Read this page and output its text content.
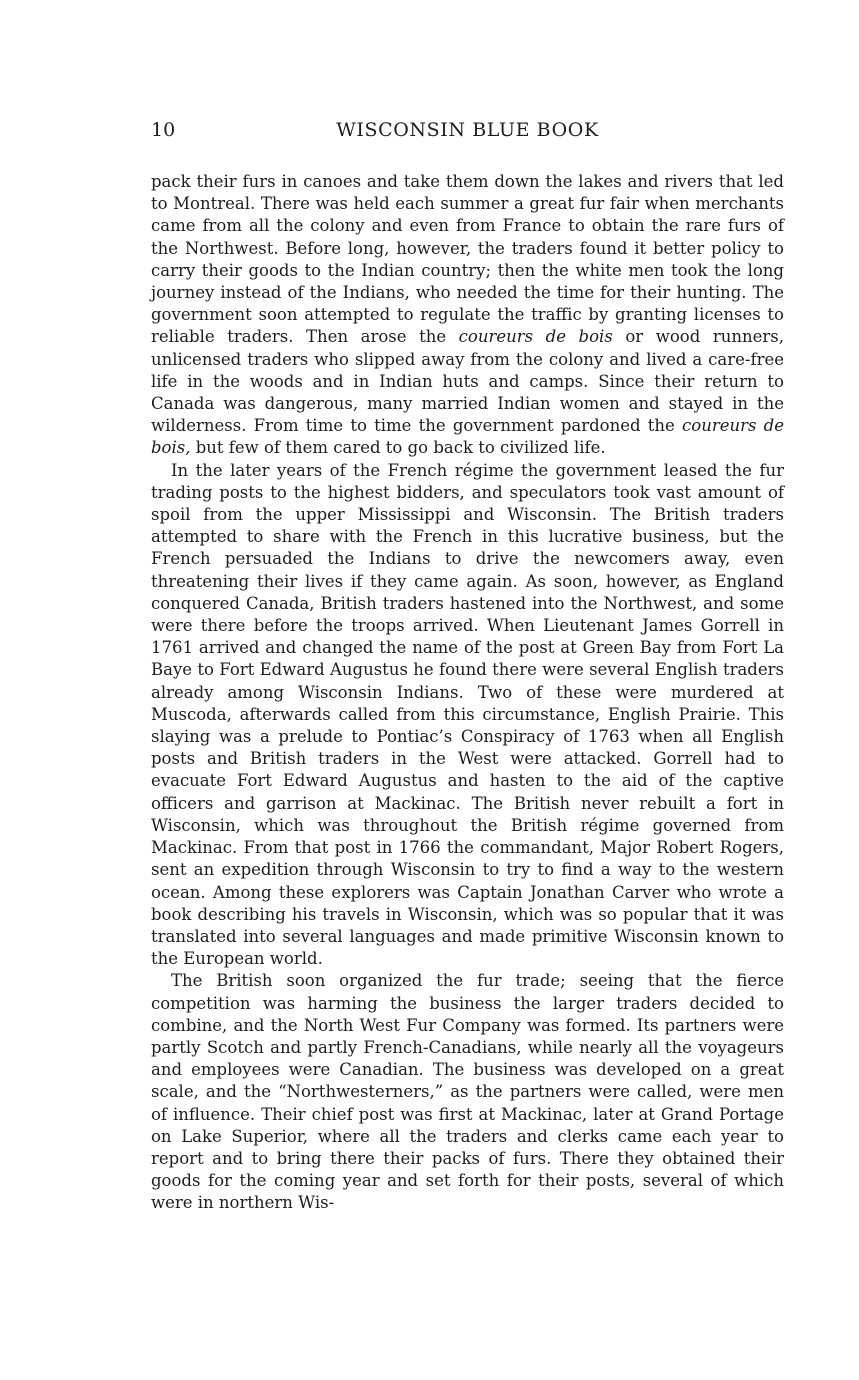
10	WISCONSIN BLUE BOOK

pack their furs in canoes and take them down the lakes and rivers that led to Montreal. There was held each summer a great fur fair when merchants came from all the colony and even from France to obtain the rare furs of the Northwest. Before long, however, the traders found it better policy to carry their goods to the Indian country; then the white men took the long journey instead of the Indians, who needed the time for their hunting. The government soon attempted to regulate the traffic by granting licenses to reliable traders. Then arose the coureurs de bois or wood runners, unlicensed traders who slipped away from the colony and lived a care-free life in the woods and in Indian huts and camps. Since their return to Canada was dangerous, many married Indian women and stayed in the wilderness. From time to time the government pardoned the coureurs de bois, but few of them cared to go back to civilized life.

In the later years of the French régime the government leased the fur trading posts to the highest bidders, and speculators took vast amount of spoil from the upper Mississippi and Wisconsin. The British traders attempted to share with the French in this lucrative business, but the French persuaded the Indians to drive the newcomers away, even threatening their lives if they came again. As soon, however, as England conquered Canada, British traders hastened into the Northwest, and some were there before the troops arrived. When Lieutenant James Gorrell in 1761 arrived and changed the name of the post at Green Bay from Fort La Baye to Fort Edward Augustus he found there were several English traders already among Wisconsin Indians. Two of these were murdered at Muscoda, afterwards called from this circumstance, English Prairie. This slaying was a prelude to Pontiac’s Conspiracy of 1763 when all English posts and British traders in the West were attacked. Gorrell had to evacuate Fort Edward Augustus and hasten to the aid of the captive officers and garrison at Mackinac. The British never rebuilt a fort in Wisconsin, which was throughout the British régime governed from Mackinac. From that post in 1766 the commandant, Major Robert Rogers, sent an expedition through Wisconsin to try to find a way to the western ocean. Among these explorers was Captain Jonathan Carver who wrote a book describing his travels in Wisconsin, which was so popular that it was translated into several languages and made primitive Wisconsin known to the European world.

The British soon organized the fur trade; seeing that the fierce competition was harming the business the larger traders decided to combine, and the North West Fur Company was formed. Its partners were partly Scotch and partly French-Canadians, while nearly all the voyageurs and employees were Canadian. The business was developed on a great scale, and the “Northwesterners,” as the partners were called, were men of influence. Their chief post was first at Mackinac, later at Grand Portage on Lake Superior, where all the traders and clerks came each year to report and to bring there their packs of furs. There they obtained their goods for the coming year and set forth for their posts, several of which were in northern Wis-
